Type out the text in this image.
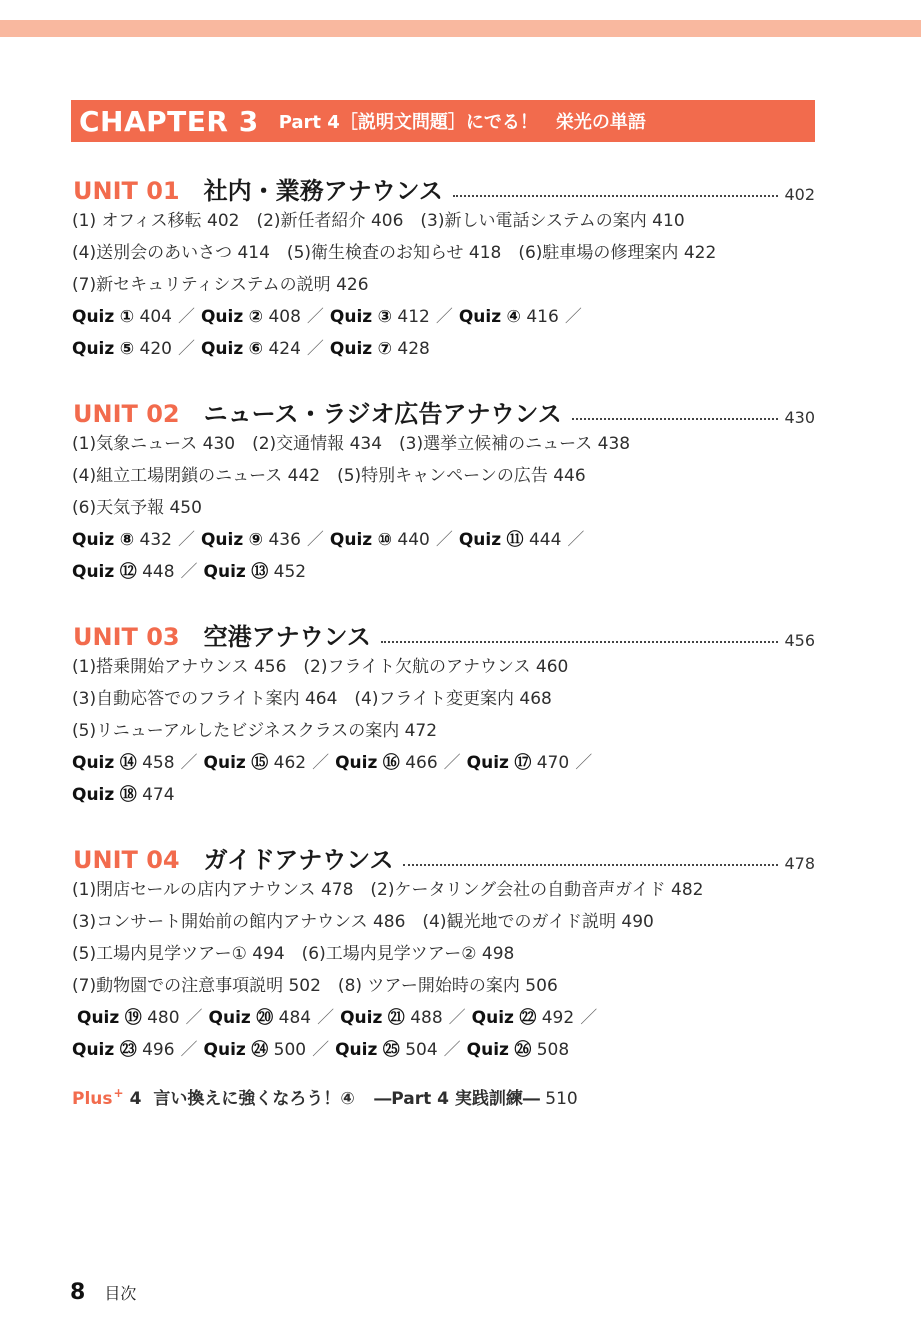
CHAPTER 3 Part 4［説明文問題］にでる！　栄光の単語
UNIT 01 社内・業務アナウンス	402
(1) オフィス移転 402　(2)新任者紹介 406　(3)新しい電話システムの案内 410
(4)送別会のあいさつ 414　(5)衛生検査のお知らせ 418　(6)駐車場の修理案内 422
(7)新セキュリティシステムの説明 426
Quiz ① 404 ／ Quiz ② 408 ／ Quiz ③ 412 ／ Quiz ④ 416 ／
Quiz ⑤ 420 ／ Quiz ⑥ 424 ／ Quiz ⑦ 428
UNIT 02 ニュース・ラジオ広告アナウンス	430
(1)気象ニュース 430　(2)交通情報 434　(3)選挙立候補のニュース 438
(4)組立工場閉鎖のニュース 442　(5)特別キャンペーンの広告 446
(6)天気予報 450
Quiz ⑧ 432 ／ Quiz ⑨ 436 ／ Quiz ⑩ 440 ／ Quiz ⑪ 444 ／
Quiz ⑫ 448 ／ Quiz ⑬ 452
UNIT 03 空港アナウンス	456
(1)搭乗開始アナウンス 456　(2)フライト欠航のアナウンス 460
(3)自動応答でのフライト案内 464　(4)フライト変更案内 468
(5)リニューアルしたビジネスクラスの案内 472
Quiz ⑭ 458 ／ Quiz ⑮ 462 ／ Quiz ⑯ 466 ／ Quiz ⑰ 470 ／
Quiz ⑱ 474
UNIT 04 ガイドアナウンス	478
(1)閉店セールの店内アナウンス 478　(2)ケータリング会社の自動音声ガイド 482
(3)コンサート開始前の館内アナウンス 486　(4)観光地でのガイド説明 490
(5)工場内見学ツアー① 494　(6)工場内見学ツアー② 498
(7)動物園での注意事項説明 502　(8) ツアー開始時の案内 506
Quiz ⑲ 480 ／ Quiz ⑳ 484 ／ Quiz ㉑ 488 ／ Quiz ㉒ 492 ／
Quiz ㉓ 496 ／ Quiz ㉔ 500 ／ Quiz ㉕ 504 ／ Quiz ㉖ 508
Plus+ 4 言い換えに強くなろう！④ ―Part 4 実践訓練― 510
8 目次
